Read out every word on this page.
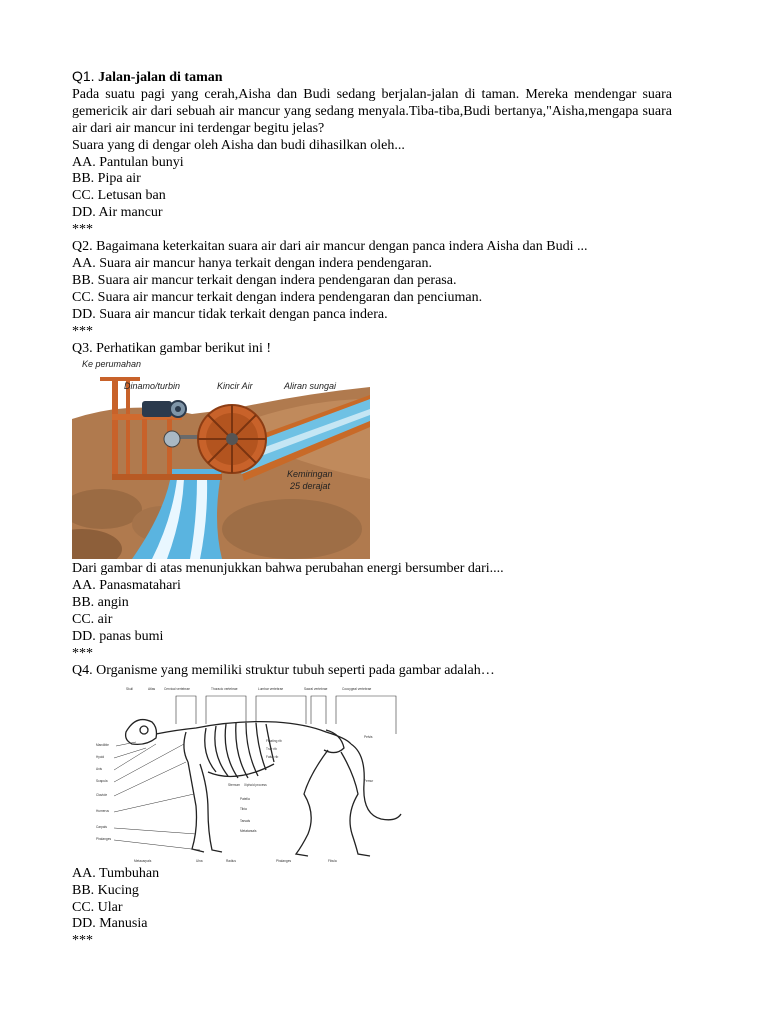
Q1. Jalan-jalan di taman
Pada suatu pagi yang cerah,Aisha dan Budi sedang berjalan-jalan di taman. Mereka mendengar suara gemericik air dari sebuah air mancur yang sedang menyala.Tiba-tiba,Budi bertanya,"Aisha,mengapa suara air dari air mancur ini terdengar begitu jelas?
Suara yang di dengar oleh Aisha dan budi dihasilkan oleh...
AA. Pantulan bunyi
BB. Pipa air
CC. Letusan ban
DD. Air mancur
***
Q2. Bagaimana keterkaitan suara air dari air mancur dengan panca indera Aisha dan Budi ...
AA. Suara air mancur hanya terkait dengan indera pendengaran.
BB. Suara air mancur terkait dengan indera pendengaran dan perasa.
CC. Suara air mancur terkait dengan indera pendengaran dan penciuman.
DD. Suara air mancur tidak terkait dengan panca indera.
***
Q3. Perhatikan gambar berikut ini !
Ke perumahan
Dinamo/turbin	Kincir Air	Aliran sungai
Kemiringan
25 derajat
Dari gambar di atas menunjukkan bahwa perubahan energi bersumber dari....
AA. Panasmatahari
BB. angin
CC. air
DD. panas bumi
***
Q4. Organisme yang memiliki struktur tubuh seperti pada gambar adalah…
Skull	Atlas	Cervical vertebrae	Thoracic vertebrae	Lumbar vertebrae	Sacral vertebrae	Coccygeal vertebrae
Mandible
Hyoid
Axis
Scapula
Clavicle
Humerus
Carpals
Phalanges
Floating rib
True rib
False rib
Sternum Xiphoid process
Patella
Tibia
Tarsals
Metatarsals
Pelvis
Femur
Metacarpals	Ulna	Radius	Phalanges	Fibula
AA. Tumbuhan
BB. Kucing
CC. Ular
DD. Manusia
***
